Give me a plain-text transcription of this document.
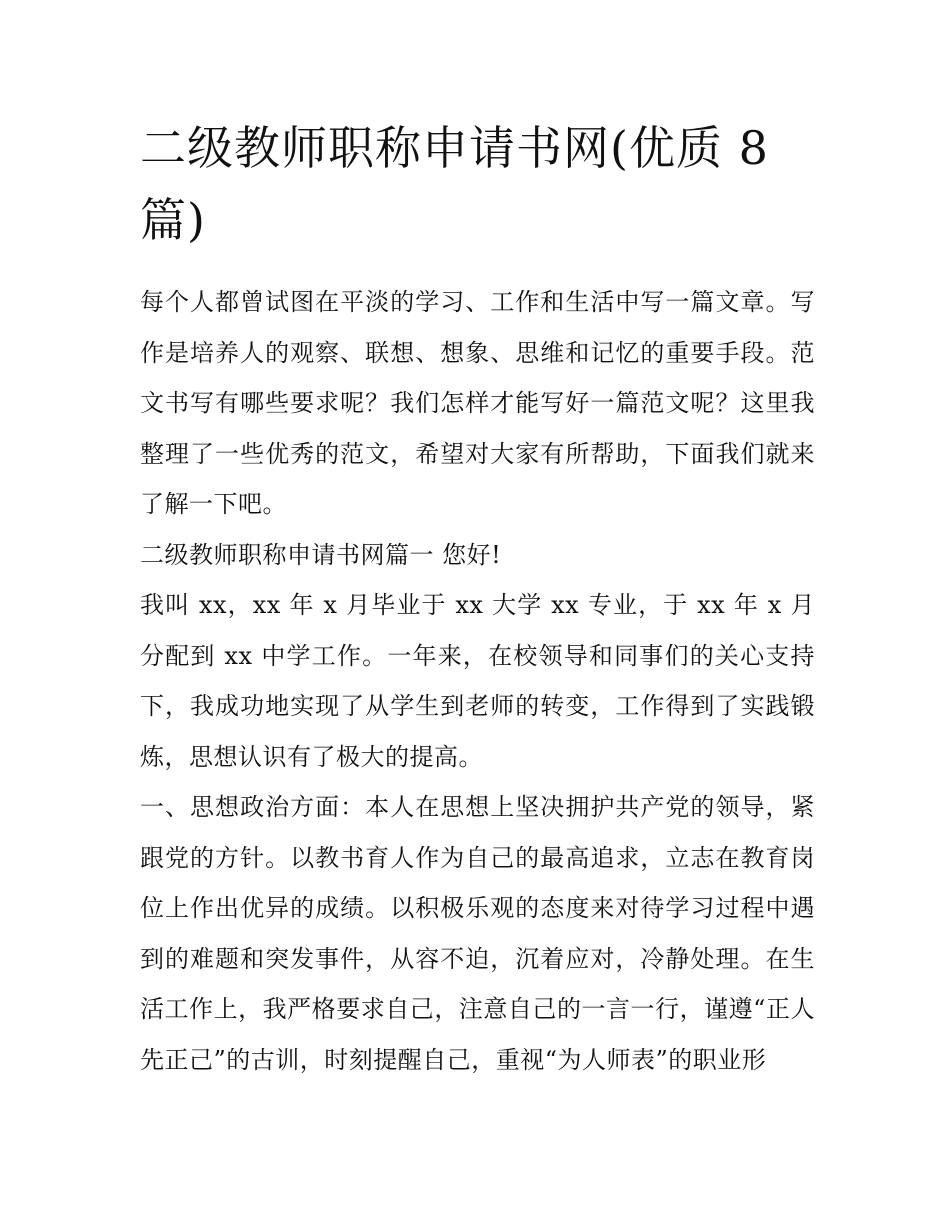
二级教师职称申请书网(优质 8 篇)

每个人都曾试图在平淡的学习、工作和生活中写一篇文章。写作是培养人的观察、联想、想象、思维和记忆的重要手段。范文书写有哪些要求呢？我们怎样才能写好一篇范文呢？这里我整理了一些优秀的范文，希望对大家有所帮助，下面我们就来了解一下吧。

二级教师职称申请书网篇一 您好!

我叫 xx，xx 年 x 月毕业于 xx 大学 xx 专业，于 xx 年 x 月分配到 xx 中学工作。一年来，在校领导和同事们的关心支持下，我成功地实现了从学生到老师的转变，工作得到了实践锻炼，思想认识有了极大的提高。

一、思想政治方面：本人在思想上坚决拥护共产党的领导，紧跟党的方针。以教书育人作为自己的最高追求，立志在教育岗位上作出优异的成绩。以积极乐观的态度来对待学习过程中遇到的难题和突发事件，从容不迫，沉着应对，冷静处理。在生活工作上，我严格要求自己，注意自己的一言一行，谨遵“正人先正己”的古训，时刻提醒自己，重视“为人师表”的职业形
